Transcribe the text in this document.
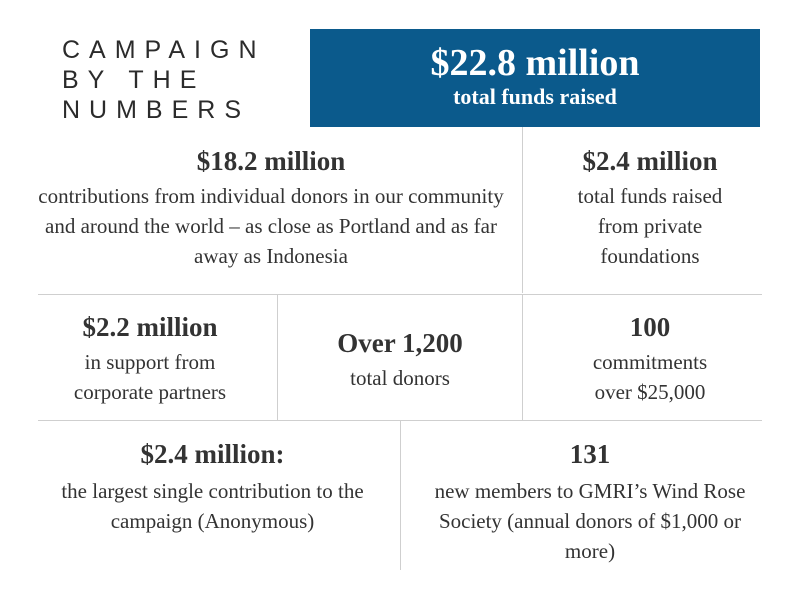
CAMPAIGN
BY THE
NUMBERS
$22.8 million
total funds raised
$18.2 million
contributions from individual donors in our community and around the world – as close as Portland and as far away as Indonesia
$2.4 million
total funds raised from private foundations
$2.2 million
in support from corporate partners
Over 1,200
total donors
100
commitments over $25,000
$2.4 million:
the largest single contribution to the campaign (Anonymous)
131
new members to GMRI’s Wind Rose Society (annual donors of $1,000 or more)
